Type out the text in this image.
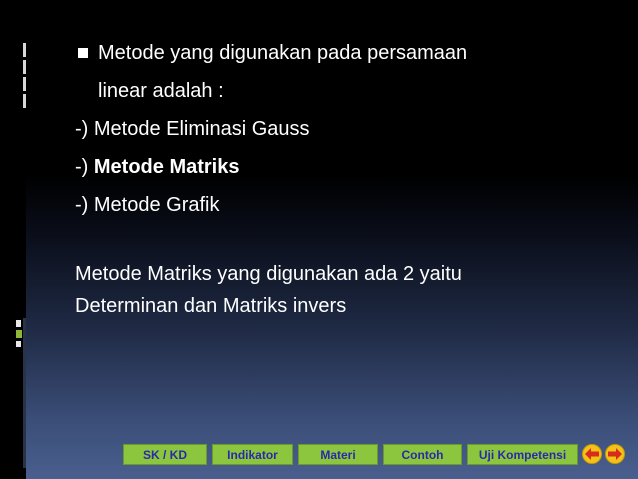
Metode yang digunakan pada persamaan
linear adalah :
-) Metode Eliminasi Gauss
-) Metode Matriks
-) Metode Grafik
Metode Matriks yang digunakan ada 2 yaitu
Determinan dan Matriks invers
SK / KD	Indikator	Materi	Contoh	Uji Kompetensi
